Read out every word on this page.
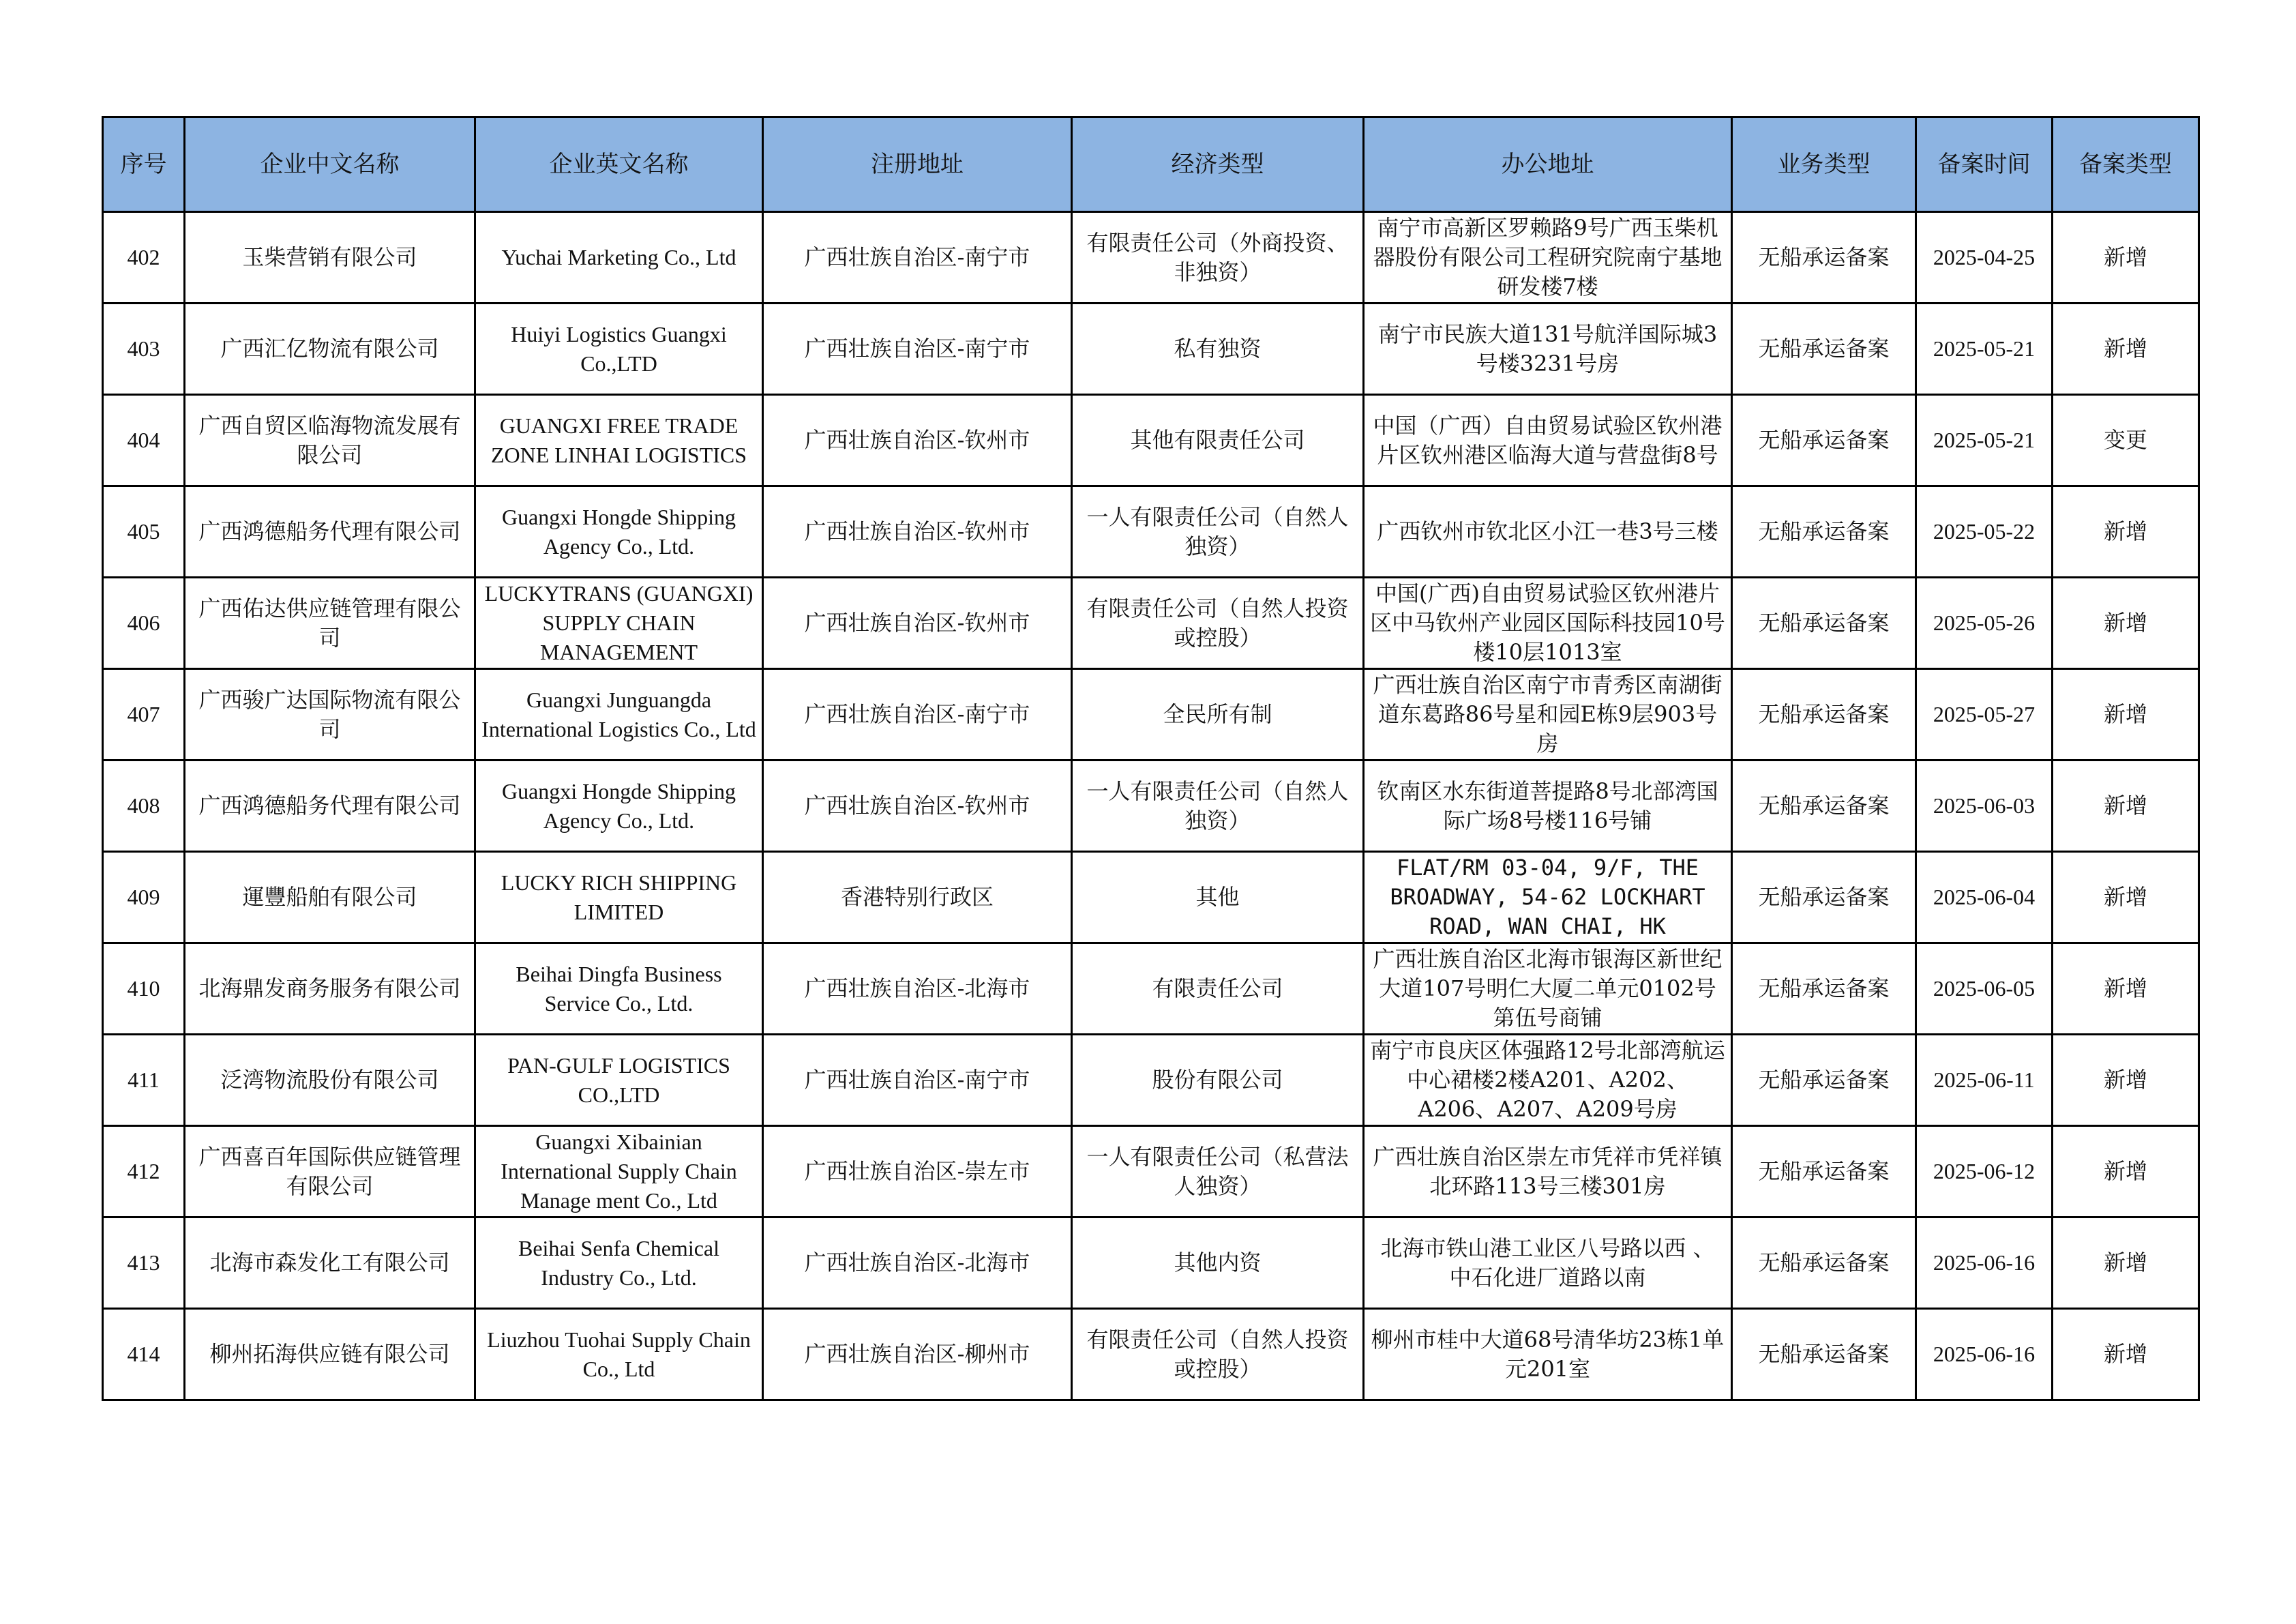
序号	企业中文名称	企业英文名称	注册地址	经济类型	办公地址	业务类型	备案时间	备案类型
402	玉柴营销有限公司	Yuchai Marketing Co., Ltd	广西壮族自治区-南宁市	有限责任公司（外商投资、非独资）	南宁市高新区罗赖路9号广西玉柴机器股份有限公司工程研究院南宁基地研发楼7楼	无船承运备案	2025-04-25	新增
403	广西汇亿物流有限公司	Huiyi Logistics Guangxi Co.,LTD	广西壮族自治区-南宁市	私有独资	南宁市民族大道131号航洋国际城3号楼3231号房	无船承运备案	2025-05-21	新增
404	广西自贸区临海物流发展有限公司	GUANGXI FREE TRADE ZONE LINHAI LOGISTICS	广西壮族自治区-钦州市	其他有限责任公司	中国（广西）自由贸易试验区钦州港片区钦州港区临海大道与营盘街8号	无船承运备案	2025-05-21	变更
405	广西鸿德船务代理有限公司	Guangxi Hongde Shipping Agency Co., Ltd.	广西壮族自治区-钦州市	一人有限责任公司（自然人独资）	广西钦州市钦北区小江一巷3号三楼	无船承运备案	2025-05-22	新增
406	广西佑达供应链管理有限公司	LUCKYTRANS (GUANGXI) SUPPLY CHAIN MANAGEMENT	广西壮族自治区-钦州市	有限责任公司（自然人投资或控股）	中国(广西)自由贸易试验区钦州港片区中马钦州产业园区国际科技园10号楼10层1013室	无船承运备案	2025-05-26	新增
407	广西骏广达国际物流有限公司	Guangxi Junguangda International Logistics Co., Ltd	广西壮族自治区-南宁市	全民所有制	广西壮族自治区南宁市青秀区南湖街道东葛路86号星和园E栋9层903号房	无船承运备案	2025-05-27	新增
408	广西鸿德船务代理有限公司	Guangxi Hongde Shipping Agency Co., Ltd.	广西壮族自治区-钦州市	一人有限责任公司（自然人独资）	钦南区水东街道菩提路8号北部湾国际广场8号楼116号铺	无船承运备案	2025-06-03	新增
409	運豐船舶有限公司	LUCKY RICH SHIPPING LIMITED	香港特别行政区	其他	FLAT/RM 03-04, 9/F, THE BROADWAY, 54-62 LOCKHART ROAD, WAN CHAI, HK	无船承运备案	2025-06-04	新增
410	北海鼎发商务服务有限公司	Beihai Dingfa Business Service Co., Ltd.	广西壮族自治区-北海市	有限责任公司	广西壮族自治区北海市银海区新世纪大道107号明仁大厦二单元0102号第伍号商铺	无船承运备案	2025-06-05	新增
411	泛湾物流股份有限公司	PAN-GULF LOGISTICS CO.,LTD	广西壮族自治区-南宁市	股份有限公司	南宁市良庆区体强路12号北部湾航运中心裙楼2楼A201、A202、A206、A207、A209号房	无船承运备案	2025-06-11	新增
412	广西喜百年国际供应链管理有限公司	Guangxi Xibainian International Supply Chain Manage ment Co., Ltd	广西壮族自治区-崇左市	一人有限责任公司（私营法人独资）	广西壮族自治区崇左市凭祥市凭祥镇北环路113号三楼301房	无船承运备案	2025-06-12	新增
413	北海市森发化工有限公司	Beihai Senfa Chemical Industry Co., Ltd.	广西壮族自治区-北海市	其他内资	北海市铁山港工业区八号路以西 、中石化进厂道路以南	无船承运备案	2025-06-16	新增
414	柳州拓海供应链有限公司	Liuzhou Tuohai Supply Chain Co., Ltd	广西壮族自治区-柳州市	有限责任公司（自然人投资或控股）	柳州市桂中大道68号清华坊23栋1单元201室	无船承运备案	2025-06-16	新增
